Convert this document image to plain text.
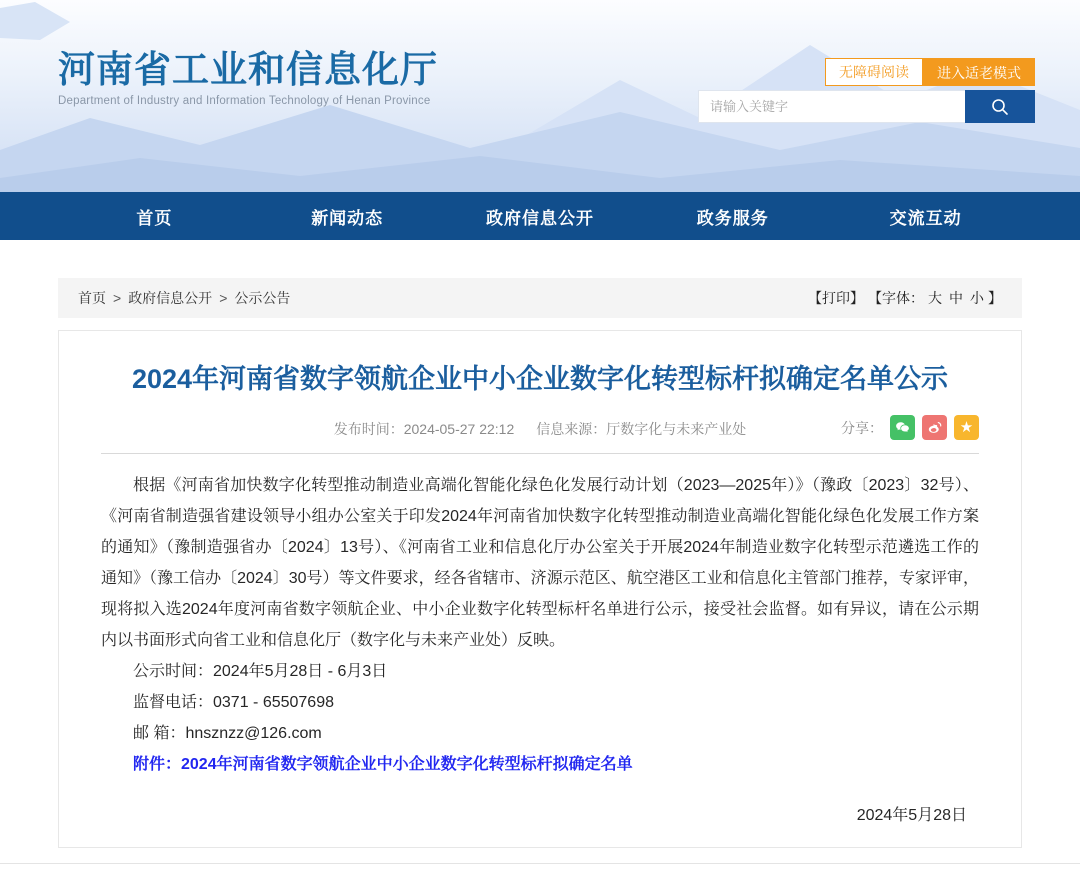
河南省工业和信息化厅
Department of Industry and Information Technology of Henan Province
无障碍阅读	进入适老模式
请输入关键字
首页	新闻动态	政府信息公开	政务服务	交流互动
首页 > 政府信息公开 > 公示公告	【打印】 【字体： 大 中 小 】
2024年河南省数字领航企业中小企业数字化转型标杆拟确定名单公示
发布时间：2024-05-27 22:12 信息来源：厅数字化与未来产业处	分享：	★

根据《河南省加快数字化转型推动制造业高端化智能化绿色化发展行动计划（2023—2025年）》（豫政〔2023〕32号）、《河南省制造强省建设领导小组办公室关于印发2024年河南省加快数字化转型推动制造业高端化智能化绿色化发展工作方案的通知》（豫制造强省办〔2024〕13号）、《河南省工业和信息化厅办公室关于开展2024年制造业数字化转型示范遴选工作的通知》（豫工信办〔2024〕30号）等文件要求，经各省辖市、济源示范区、航空港区工业和信息化主管部门推荐，专家评审，现将拟入选2024年度河南省数字领航企业、中小企业数字化转型标杆名单进行公示，接受社会监督。如有异议，请在公示期内以书面形式向省工业和信息化厅（数字化与未来产业处）反映。

公示时间：2024年5月28日 - 6月3日

监督电话：0371 - 65507698

邮 箱：hnsznzz@126.com

附件：2024年河南省数字领航企业中小企业数字化转型标杆拟确定名单

2024年5月28日
